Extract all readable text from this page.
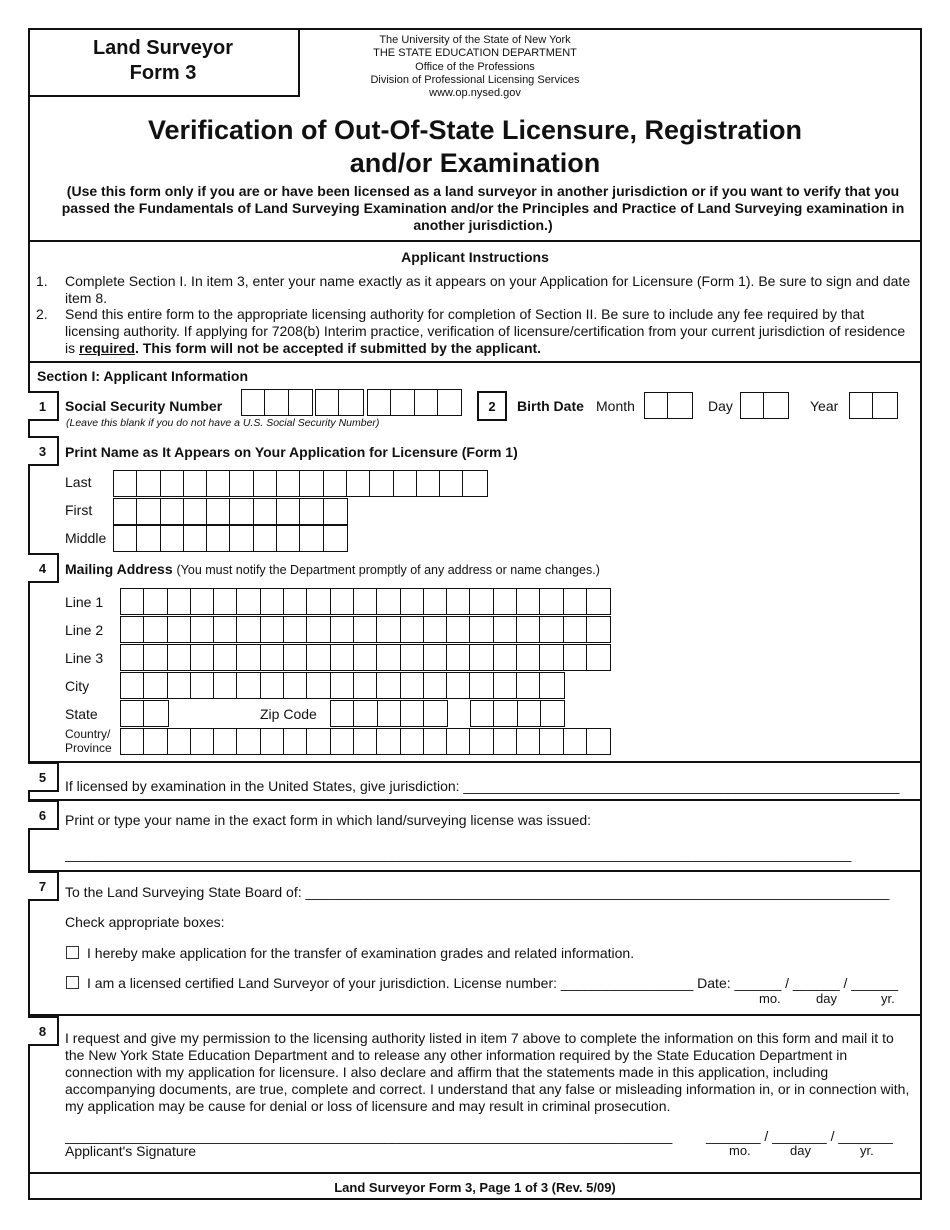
Land Surveyor
Form 3
The University of the State of New York
THE STATE EDUCATION DEPARTMENT
Office of the Professions
Division of Professional Licensing Services
www.op.nysed.gov
Verification of Out-Of-State Licensure, Registration
and/or Examination
(Use this form only if you are or have been licensed as a land surveyor in another jurisdiction or if you want to verify that you passed the Fundamentals of Land Surveying Examination and/or the Principles and Practice of Land Surveying examination in another jurisdiction.)
Applicant Instructions
1. Complete Section I. In item 3, enter your name exactly as it appears on your Application for Licensure (Form 1). Be sure to sign and date item 8.
2. Send this entire form to the appropriate licensing authority for completion of Section II. Be sure to include any fee required by that licensing authority. If applying for 7208(b) Interim practice, verification of licensure/certification from your current jurisdiction of residence is required. This form will not be accepted if submitted by the applicant.
Section I: Applicant Information
1	Social Security Number
(Leave this blank if you do not have a U.S. Social Security Number)
2	Birth Date Month	Day	Year
3	Print Name as It Appears on Your Application for Licensure (Form 1)
Last
First
Middle
4	Mailing Address (You must notify the Department promptly of any address or name changes.)
Line 1
Line 2
Line 3
City
State	Zip Code
Country/
Province
5
If licensed by examination in the United States, give jurisdiction: ________________________________________________________
6	Print or type your name in the exact form in which land/surveying license was issued:
_____________________________________________________________________________________________________
7	To the Land Surveying State Board of: ___________________________________________________________________________
Check appropriate boxes:
I hereby make application for the transfer of examination grades and related information.
I am a licensed certified Land Surveyor of your jurisdiction. License number: _________________ Date: ______ / ______ / ______
mo.	day	yr.
8	I request and give my permission to the licensing authority listed in item 7 above to complete the information on this form and mail it to the New York State Education Department and to release any other information required by the State Education Department in connection with my application for licensure. I also declare and affirm that the statements made in this application, including accompanying documents, are true, complete and correct. I understand that any false or misleading information in, or in connection with, my application may be cause for denial or loss of licensure and may result in criminal prosecution.
______________________________________________________________________________	_______ / _______ / _______
Applicant's Signature	mo.	day	yr.
Land Surveyor Form 3, Page 1 of 3 (Rev. 5/09)
